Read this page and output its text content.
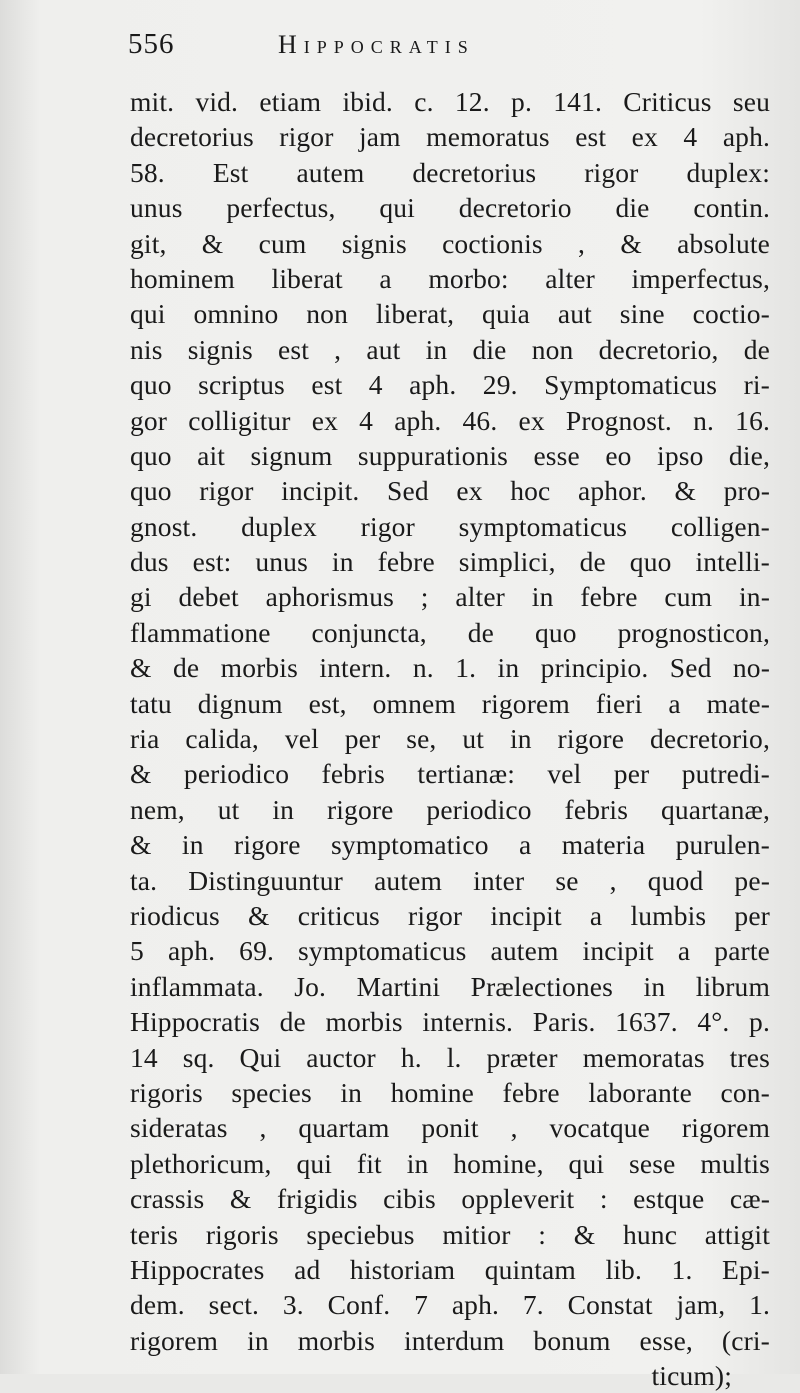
556	Hippocratis
mit. vid. etiam ibid. c. 12. p. 141. Criticus seu
decretorius rigor jam memoratus est ex 4 aph.
58. Est autem decretorius rigor duplex:
unus perfectus, qui decretorio die contin.
git, & cum signis coctionis , & absolute
hominem liberat a morbo: alter imperfectus,
qui omnino non liberat, quia aut sine coctio-
nis signis est , aut in die non decretorio, de
quo scriptus est 4 aph. 29. Symptomaticus ri-
gor colligitur ex 4 aph. 46. ex Prognost. n. 16.
quo ait signum suppurationis esse eo ipso die,
quo rigor incipit. Sed ex hoc aphor. & pro-
gnost. duplex rigor symptomaticus colligen-
dus est: unus in febre simplici, de quo intelli-
gi debet aphorismus ; alter in febre cum in-
flammatione conjuncta, de quo prognosticon,
& de morbis intern. n. 1. in principio. Sed no-
tatu dignum est, omnem rigorem fieri a mate-
ria calida, vel per se, ut in rigore decretorio,
& periodico febris tertianæ: vel per putredi-
nem, ut in rigore periodico febris quartanæ,
& in rigore symptomatico a materia purulen-
ta. Distinguuntur autem inter se , quod pe-
riodicus & criticus rigor incipit a lumbis per
5 aph. 69. symptomaticus autem incipit a parte
inflammata. Jo. Martini Prælectiones in librum
Hippocratis de morbis internis. Paris. 1637. 4°. p.
14 sq. Qui auctor h. l. præter memoratas tres
rigoris species in homine febre laborante con-
sideratas , quartam ponit , vocatque rigorem
plethoricum, qui fit in homine, qui sese multis
crassis & frigidis cibis oppleverit : estque cæ-
teris rigoris speciebus mitior : & hunc attigit
Hippocrates ad historiam quintam lib. 1. Epi-
dem. sect. 3. Conf. 7 aph. 7. Constat jam, 1.
rigorem in morbis interdum bonum esse, (cri-
ticum);
